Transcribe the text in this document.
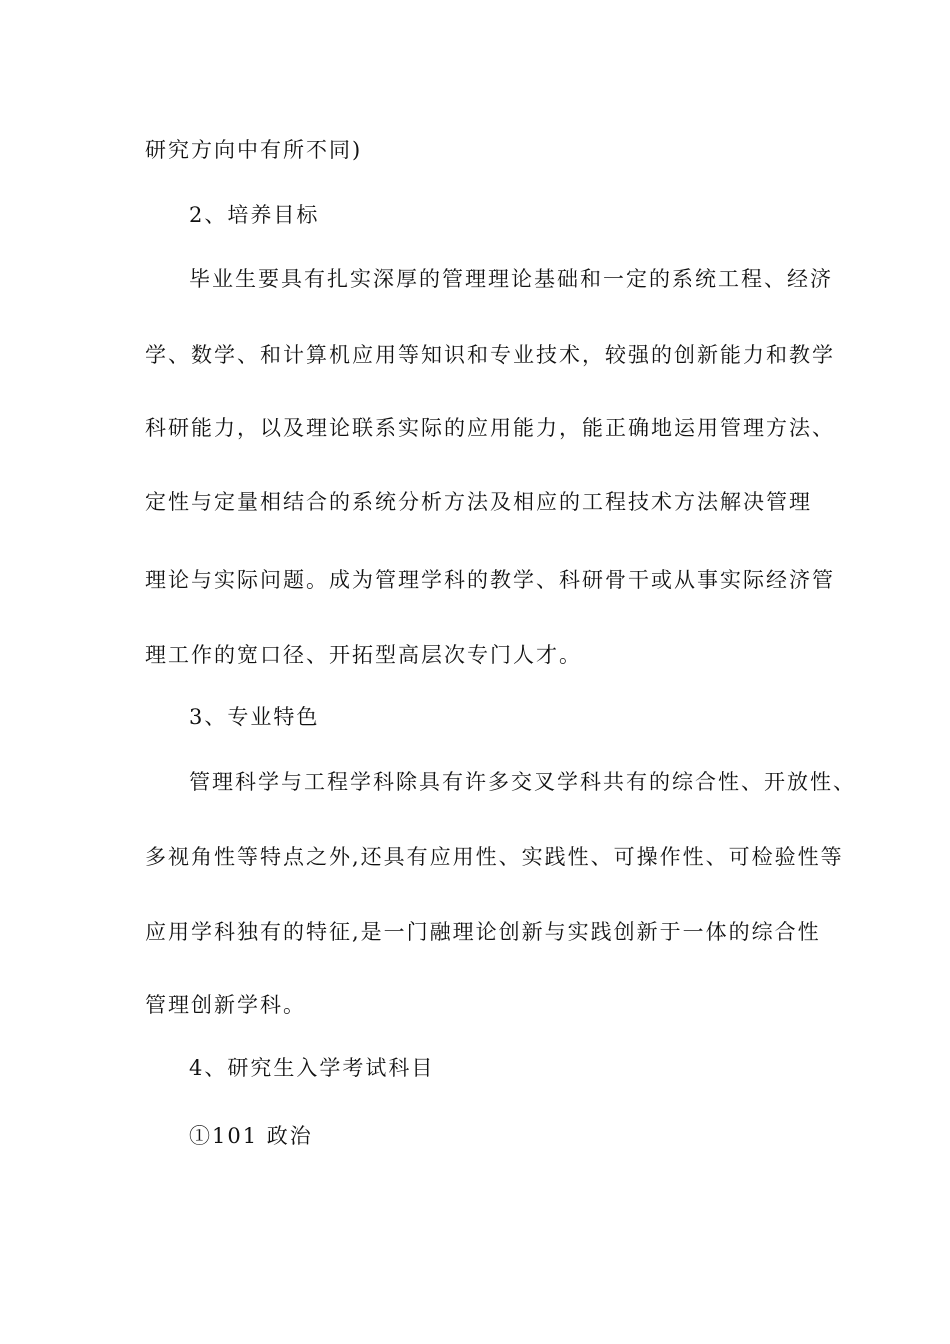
研究方向中有所不同)
2、培养目标
毕业生要具有扎实深厚的管理理论基础和一定的系统工程、经济
学、数学、和计算机应用等知识和专业技术，较强的创新能力和教学
科研能力，以及理论联系实际的应用能力，能正确地运用管理方法、
定性与定量相结合的系统分析方法及相应的工程技术方法解决管理
理论与实际问题。成为管理学科的教学、科研骨干或从事实际经济管
理工作的宽口径、开拓型高层次专门人才。
3、专业特色
管理科学与工程学科除具有许多交叉学科共有的综合性、开放性、
多视角性等特点之外,还具有应用性、实践性、可操作性、可检验性等
应用学科独有的特征,是一门融理论创新与实践创新于一体的综合性
管理创新学科。
4、研究生入学考试科目
①101 政治
